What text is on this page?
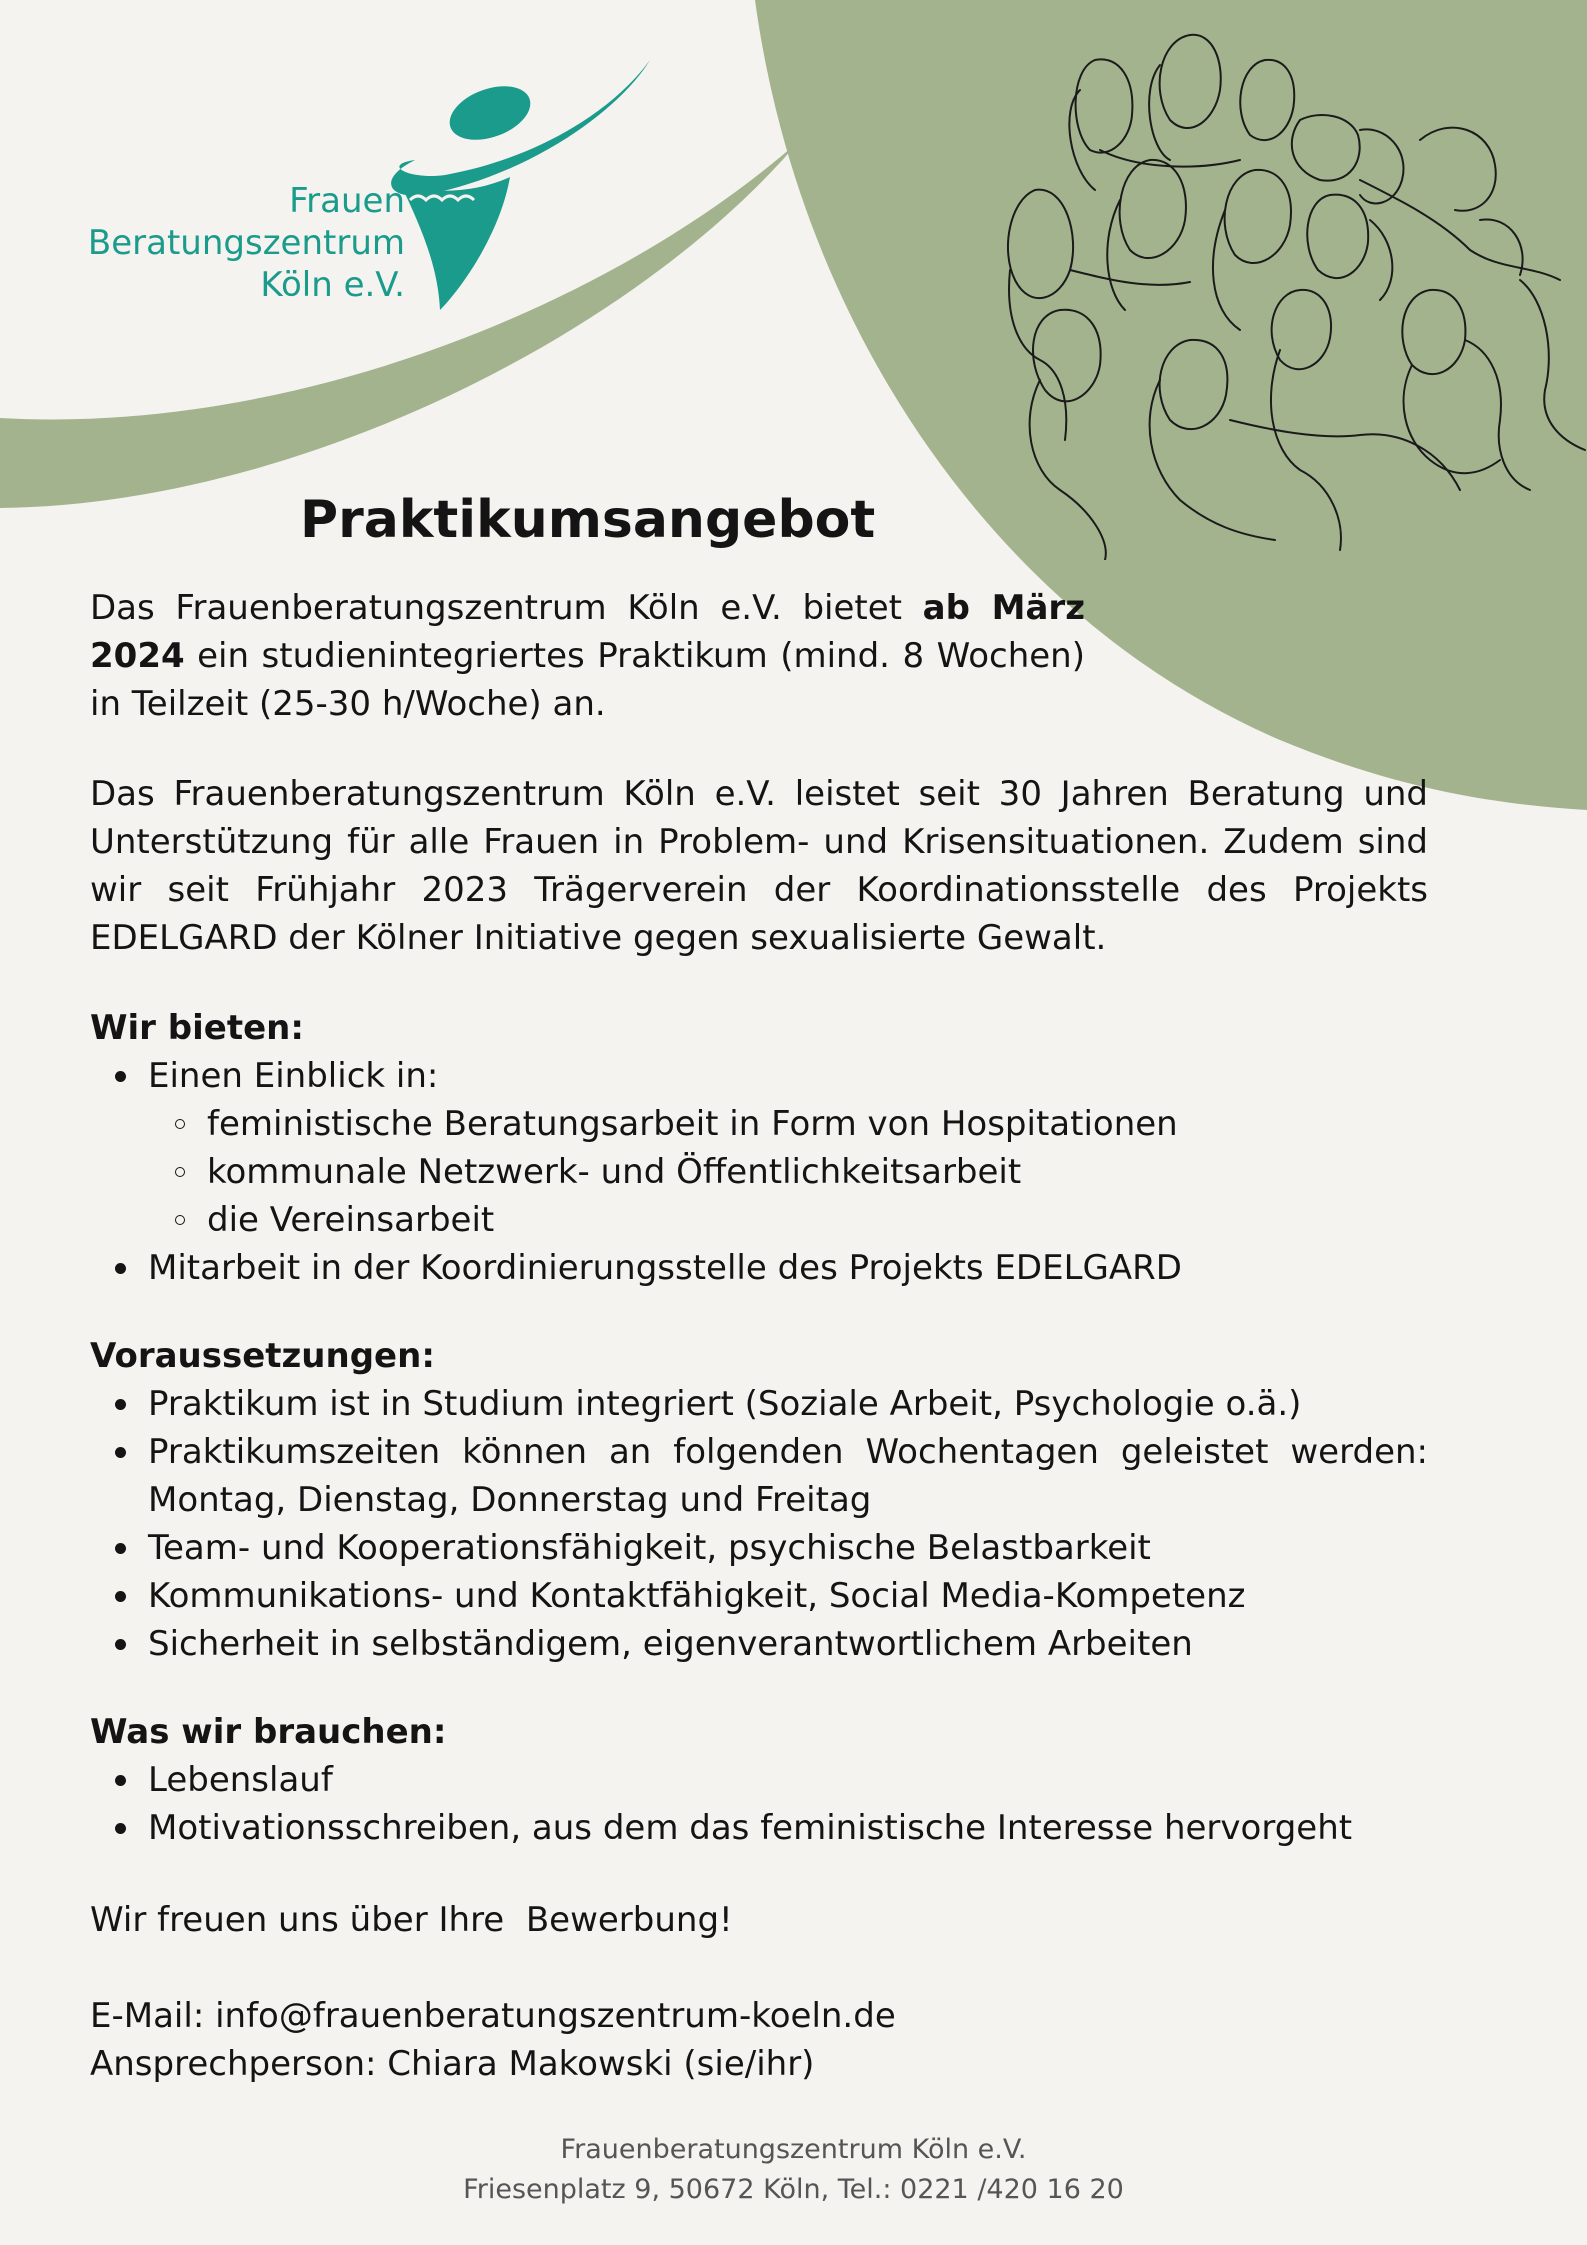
Frauen
Beratungszentrum
Köln e.V.
Praktikumsangebot

Das Frauenberatungszentrum Köln e.V. bietet ab März 2024 ein studienintegriertes Praktikum (mind. 8 Wochen) in Teilzeit (25-30 h/Woche) an.

Das Frauenberatungszentrum Köln e.V. leistet seit 30 Jahren Beratung und Unterstützung für alle Frauen in Problem- und Krisensituationen. Zudem sind wir seit Frühjahr 2023 Trägerverein der Koordinationsstelle des Projekts EDELGARD der Kölner Initiative gegen sexualisierte Gewalt.

Wir bieten:

Einen Einblick in:
feministische Beratungsarbeit in Form von Hospitationen
kommunale Netzwerk- und Öffentlichkeitsarbeit
die Vereinsarbeit
Mitarbeit in der Koordinierungsstelle des Projekts EDELGARD

Voraussetzungen:

Praktikum ist in Studium integriert (Soziale Arbeit, Psychologie o.ä.)
Praktikumszeiten können an folgenden Wochentagen geleistet werden: Montag, Dienstag, Donnerstag und Freitag
Team- und Kooperationsfähigkeit, psychische Belastbarkeit
Kommunikations- und Kontaktfähigkeit, Social Media-Kompetenz
Sicherheit in selbständigem, eigenverantwortlichem Arbeiten

Was wir brauchen:

Lebenslauf
Motivationsschreiben, aus dem das feministische Interesse hervorgeht

Wir freuen uns über Ihre  Bewerbung!

E-Mail: info@frauenberatungszentrum-koeln.de

Ansprechperson: Chiara Makowski (sie/ihr)

Frauenberatungszentrum Köln e.V.
Friesenplatz 9, 50672 Köln, Tel.: 0221 /420 16 20
